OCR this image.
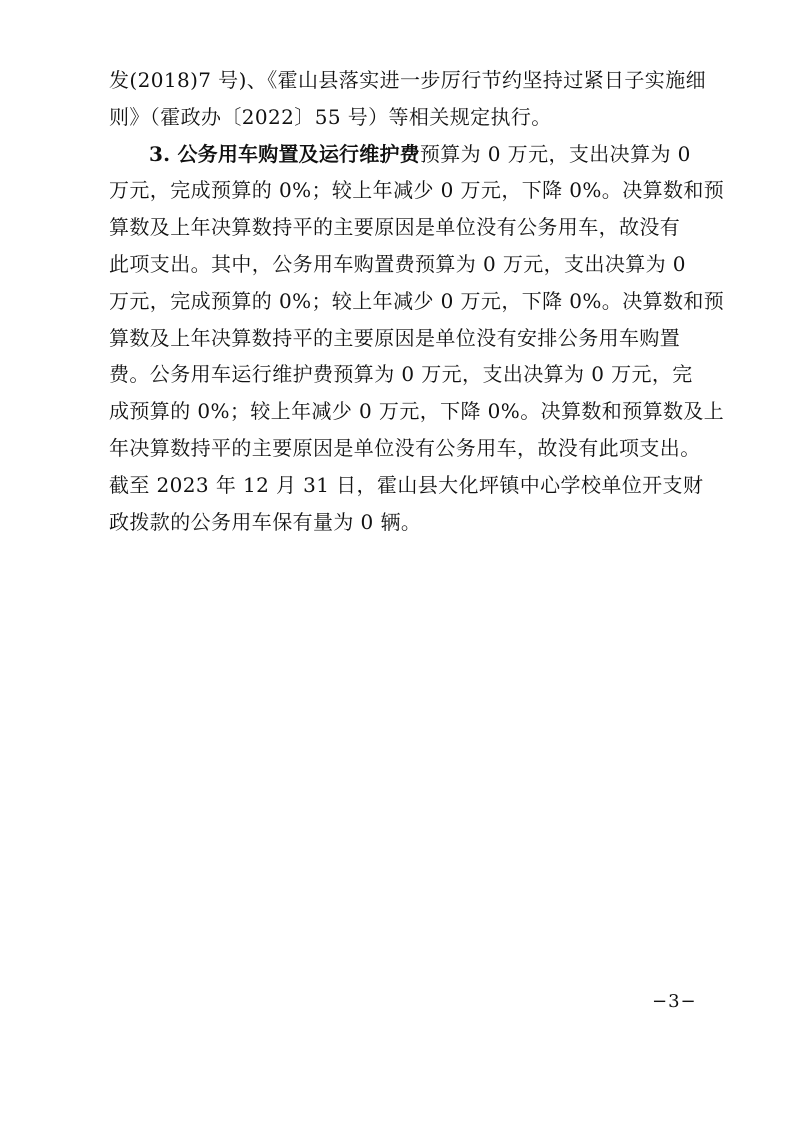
发(2018)7 号)、《霍山县落实进一步厉行节约坚持过紧日子实施细
则》（霍政办〔2022〕55 号）等相关规定执行。
3. 公务用车购置及运行维护费预算为 0 万元，支出决算为 0
万元，完成预算的 0%；较上年减少 0 万元，下降 0%。决算数和预
算数及上年决算数持平的主要原因是单位没有公务用车，故没有
此项支出。其中，公务用车购置费预算为 0 万元，支出决算为 0
万元，完成预算的 0%；较上年减少 0 万元，下降 0%。决算数和预
算数及上年决算数持平的主要原因是单位没有安排公务用车购置
费。公务用车运行维护费预算为 0 万元，支出决算为 0 万元，完
成预算的 0%；较上年减少 0 万元，下降 0%。决算数和预算数及上
年决算数持平的主要原因是单位没有公务用车，故没有此项支出。
截至 2023 年 12 月 31 日，霍山县大化坪镇中心学校单位开支财
政拨款的公务用车保有量为 0 辆。
−3−
